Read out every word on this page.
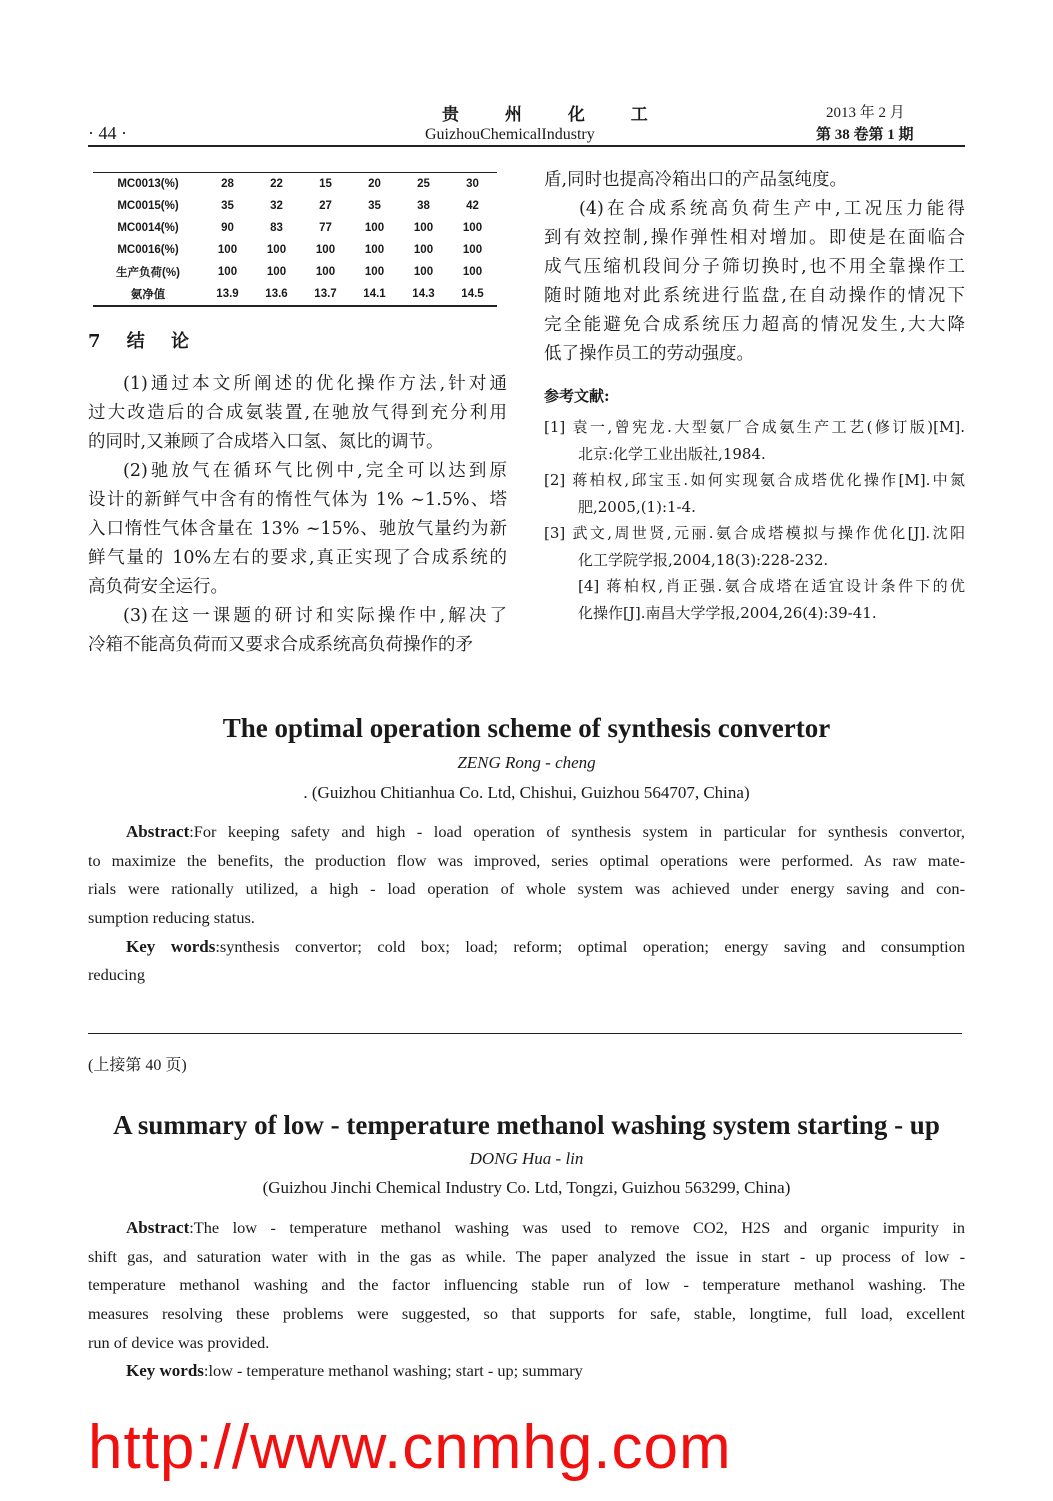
· 44 ·
贵 州 化 工
GuizhouChemicalIndustry
2013 年 2 月
第 38 卷第 1 期
MC0013(%)	28	22	15	20	25	30
MC0015(%)	35	32	27	35	38	42
MC0014(%)	90	83	77	100	100	100
MC0016(%)	100	100	100	100	100	100
生产负荷(%)	100	100	100	100	100	100
氨净值	13.9	13.6	13.7	14.1	14.3	14.5
7 结 论
(1)通过本文所阐述的优化操作方法,针对通
过大改造后的合成氨装置,在驰放气得到充分利用
的同时,又兼顾了合成塔入口氢、氮比的调节。
(2)驰放气在循环气比例中,完全可以达到原
设计的新鲜气中含有的惰性气体为 1% ~1.5%、塔
入口惰性气体含量在 13% ~15%、驰放气量约为新
鲜气量的 10%左右的要求,真正实现了合成系统的
高负荷安全运行。
(3)在这一课题的研讨和实际操作中,解决了
冷箱不能高负荷而又要求合成系统高负荷操作的矛
盾,同时也提高冷箱出口的产品氢纯度。
(4)在合成系统高负荷生产中,工况压力能得
到有效控制,操作弹性相对增加。即使是在面临合
成气压缩机段间分子筛切换时,也不用全靠操作工
随时随地对此系统进行监盘,在自动操作的情况下
完全能避免合成系统压力超高的情况发生,大大降
低了操作员工的劳动强度。
参考文献:
[1] 袁一,曾宪龙.大型氨厂合成氨生产工艺(修订版)[M].
北京:化学工业出版社,1984.
[2] 蒋柏权,邱宝玉.如何实现氨合成塔优化操作[M].中氮
肥,2005,(1):1-4.
[3] 武文,周世贤,元丽.氨合成塔模拟与操作优化[J].沈阳
化工学院学报,2004,18(3):228-232.
[4] 蒋柏权,肖正强.氨合成塔在适宜设计条件下的优
化操作[J].南昌大学学报,2004,26(4):39-41.
The optimal operation scheme of synthesis convertor
ZENG Rong - cheng
. (Guizhou Chitianhua Co. Ltd, Chishui, Guizhou 564707, China)
Abstract:For keeping safety and high - load operation of synthesis system in particular for synthesis convertor,
to maximize the benefits, the production flow was improved, series optimal operations were performed. As raw mate-
rials were rationally utilized, a high - load operation of whole system was achieved under energy saving and con-
sumption reducing status.
Key words:synthesis convertor; cold box; load; reform; optimal operation; energy saving and consumption
reducing
(上接第 40 页)
A summary of low - temperature methanol washing system starting - up
DONG Hua - lin
(Guizhou Jinchi Chemical Industry Co. Ltd, Tongzi, Guizhou 563299, China)
Abstract:The low - temperature methanol washing was used to remove CO2, H2S and organic impurity in
shift gas, and saturation water with in the gas as while. The paper analyzed the issue in start - up process of low -
temperature methanol washing and the factor influencing stable run of low - temperature methanol washing. The
measures resolving these problems were suggested, so that supports for safe, stable, longtime, full load, excellent
run of device was provided.
Key words:low - temperature methanol washing; start - up; summary
http://www.cnmhg.com
